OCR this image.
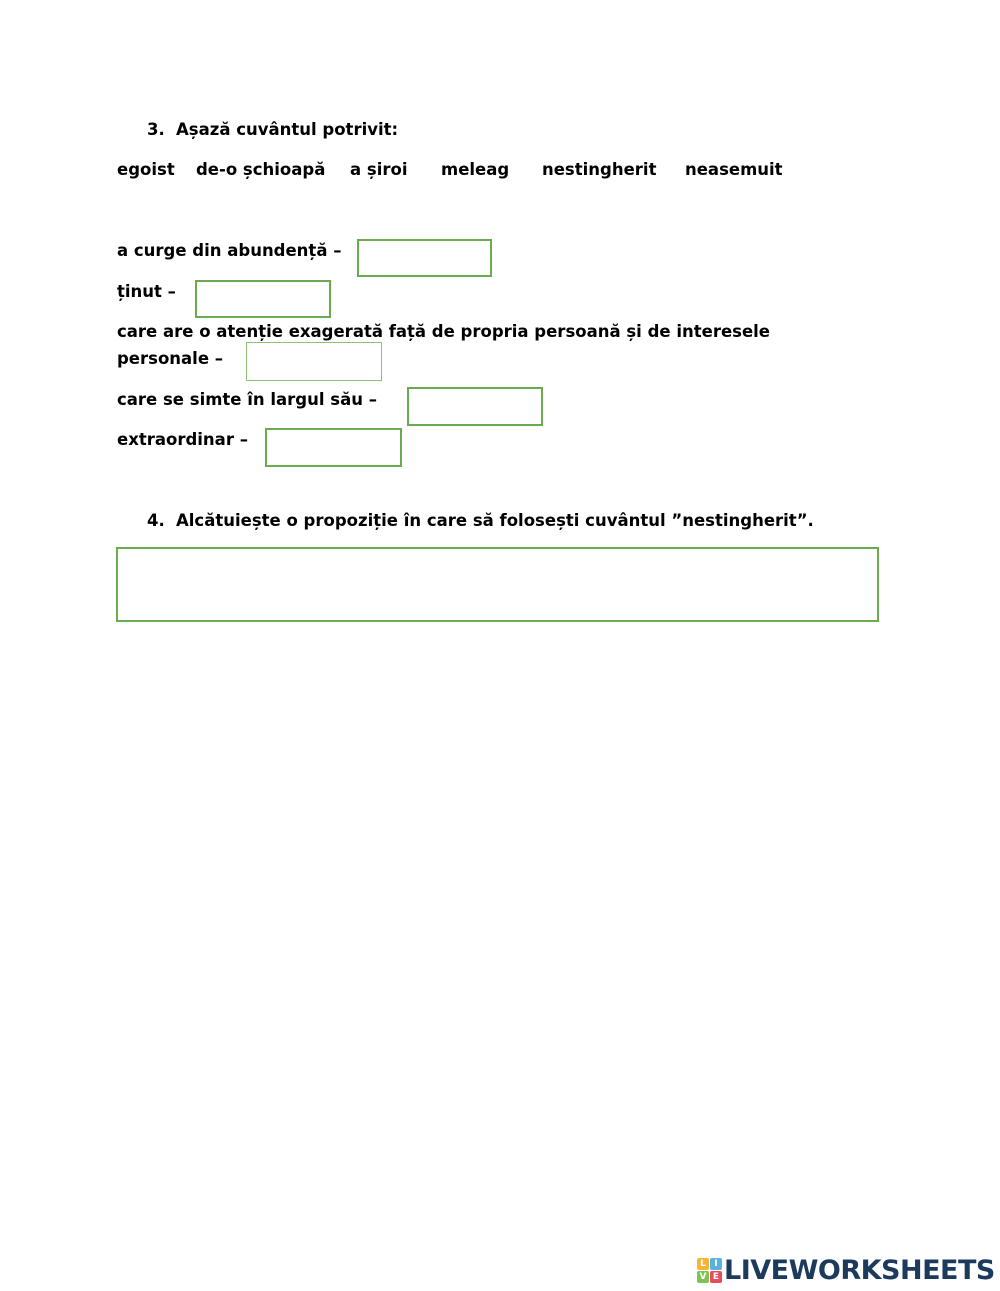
3. Așază cuvântul potrivit:
egoist de-o șchioapă a șiroi meleag nestingherit neasemuit
a curge din abundență –
ținut –
care are o atenție exagerată față de propria persoană și de interesele
personale –
care se simte în largul său –
extraordinar –
4. Alcătuiește o propoziție în care să folosești cuvântul ”nestingherit”.
L I
V E LIVEWORKSHEETS
